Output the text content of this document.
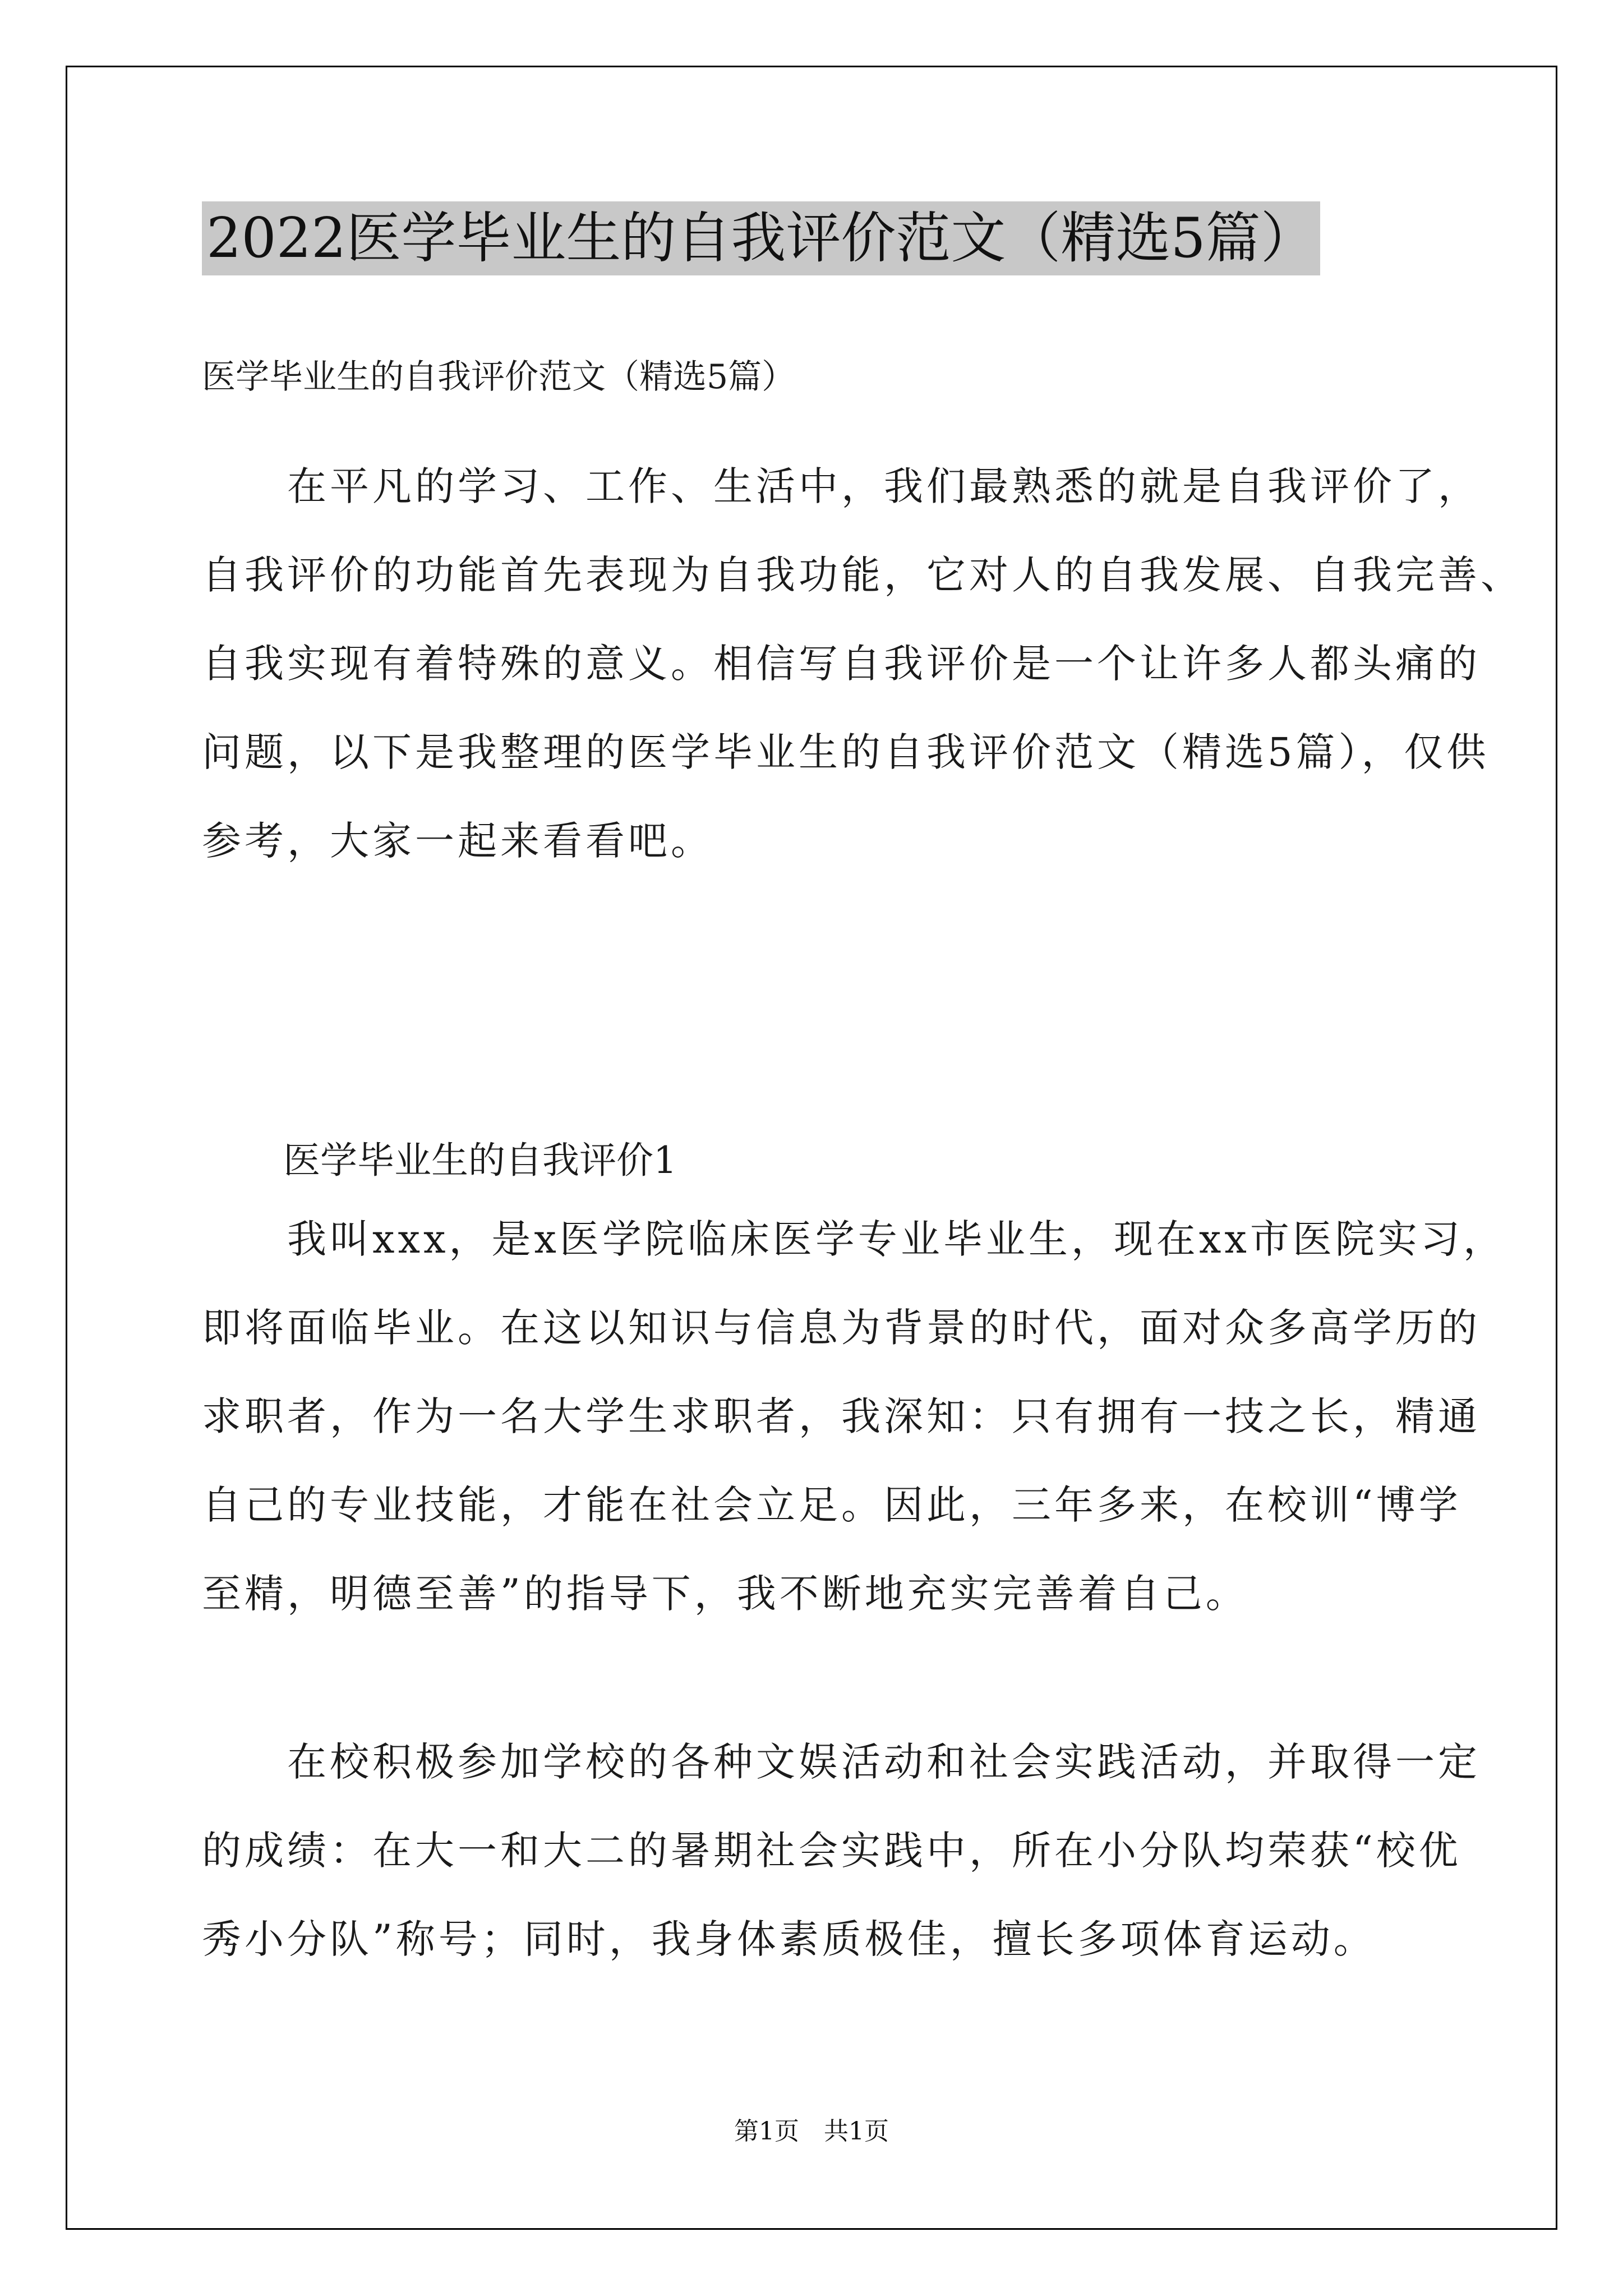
2022医学毕业生的自我评价范文（精选5篇）
医学毕业生的自我评价范文（精选5篇）
　　在平凡的学习、工作、生活中，我们最熟悉的就是自我评价了，
自我评价的功能首先表现为自我功能，它对人的自我发展、自我完善、
自我实现有着特殊的意义。相信写自我评价是一个让许多人都头痛的
问题，以下是我整理的医学毕业生的自我评价范文（精选5篇），仅供
参考，大家一起来看看吧。
医学毕业生的自我评价1
　　我叫xxx，是x医学院临床医学专业毕业生，现在xx市医院实习，
即将面临毕业。在这以知识与信息为背景的时代，面对众多高学历的
求职者，作为一名大学生求职者，我深知：只有拥有一技之长，精通
自己的专业技能，才能在社会立足。因此，三年多来，在校训“博学
至精，明德至善”的指导下，我不断地充实完善着自己。
　　在校积极参加学校的各种文娱活动和社会实践活动，并取得一定
的成绩：在大一和大二的暑期社会实践中，所在小分队均荣获“校优
秀小分队”称号；同时，我身体素质极佳，擅长多项体育运动。
第1页　共1页
